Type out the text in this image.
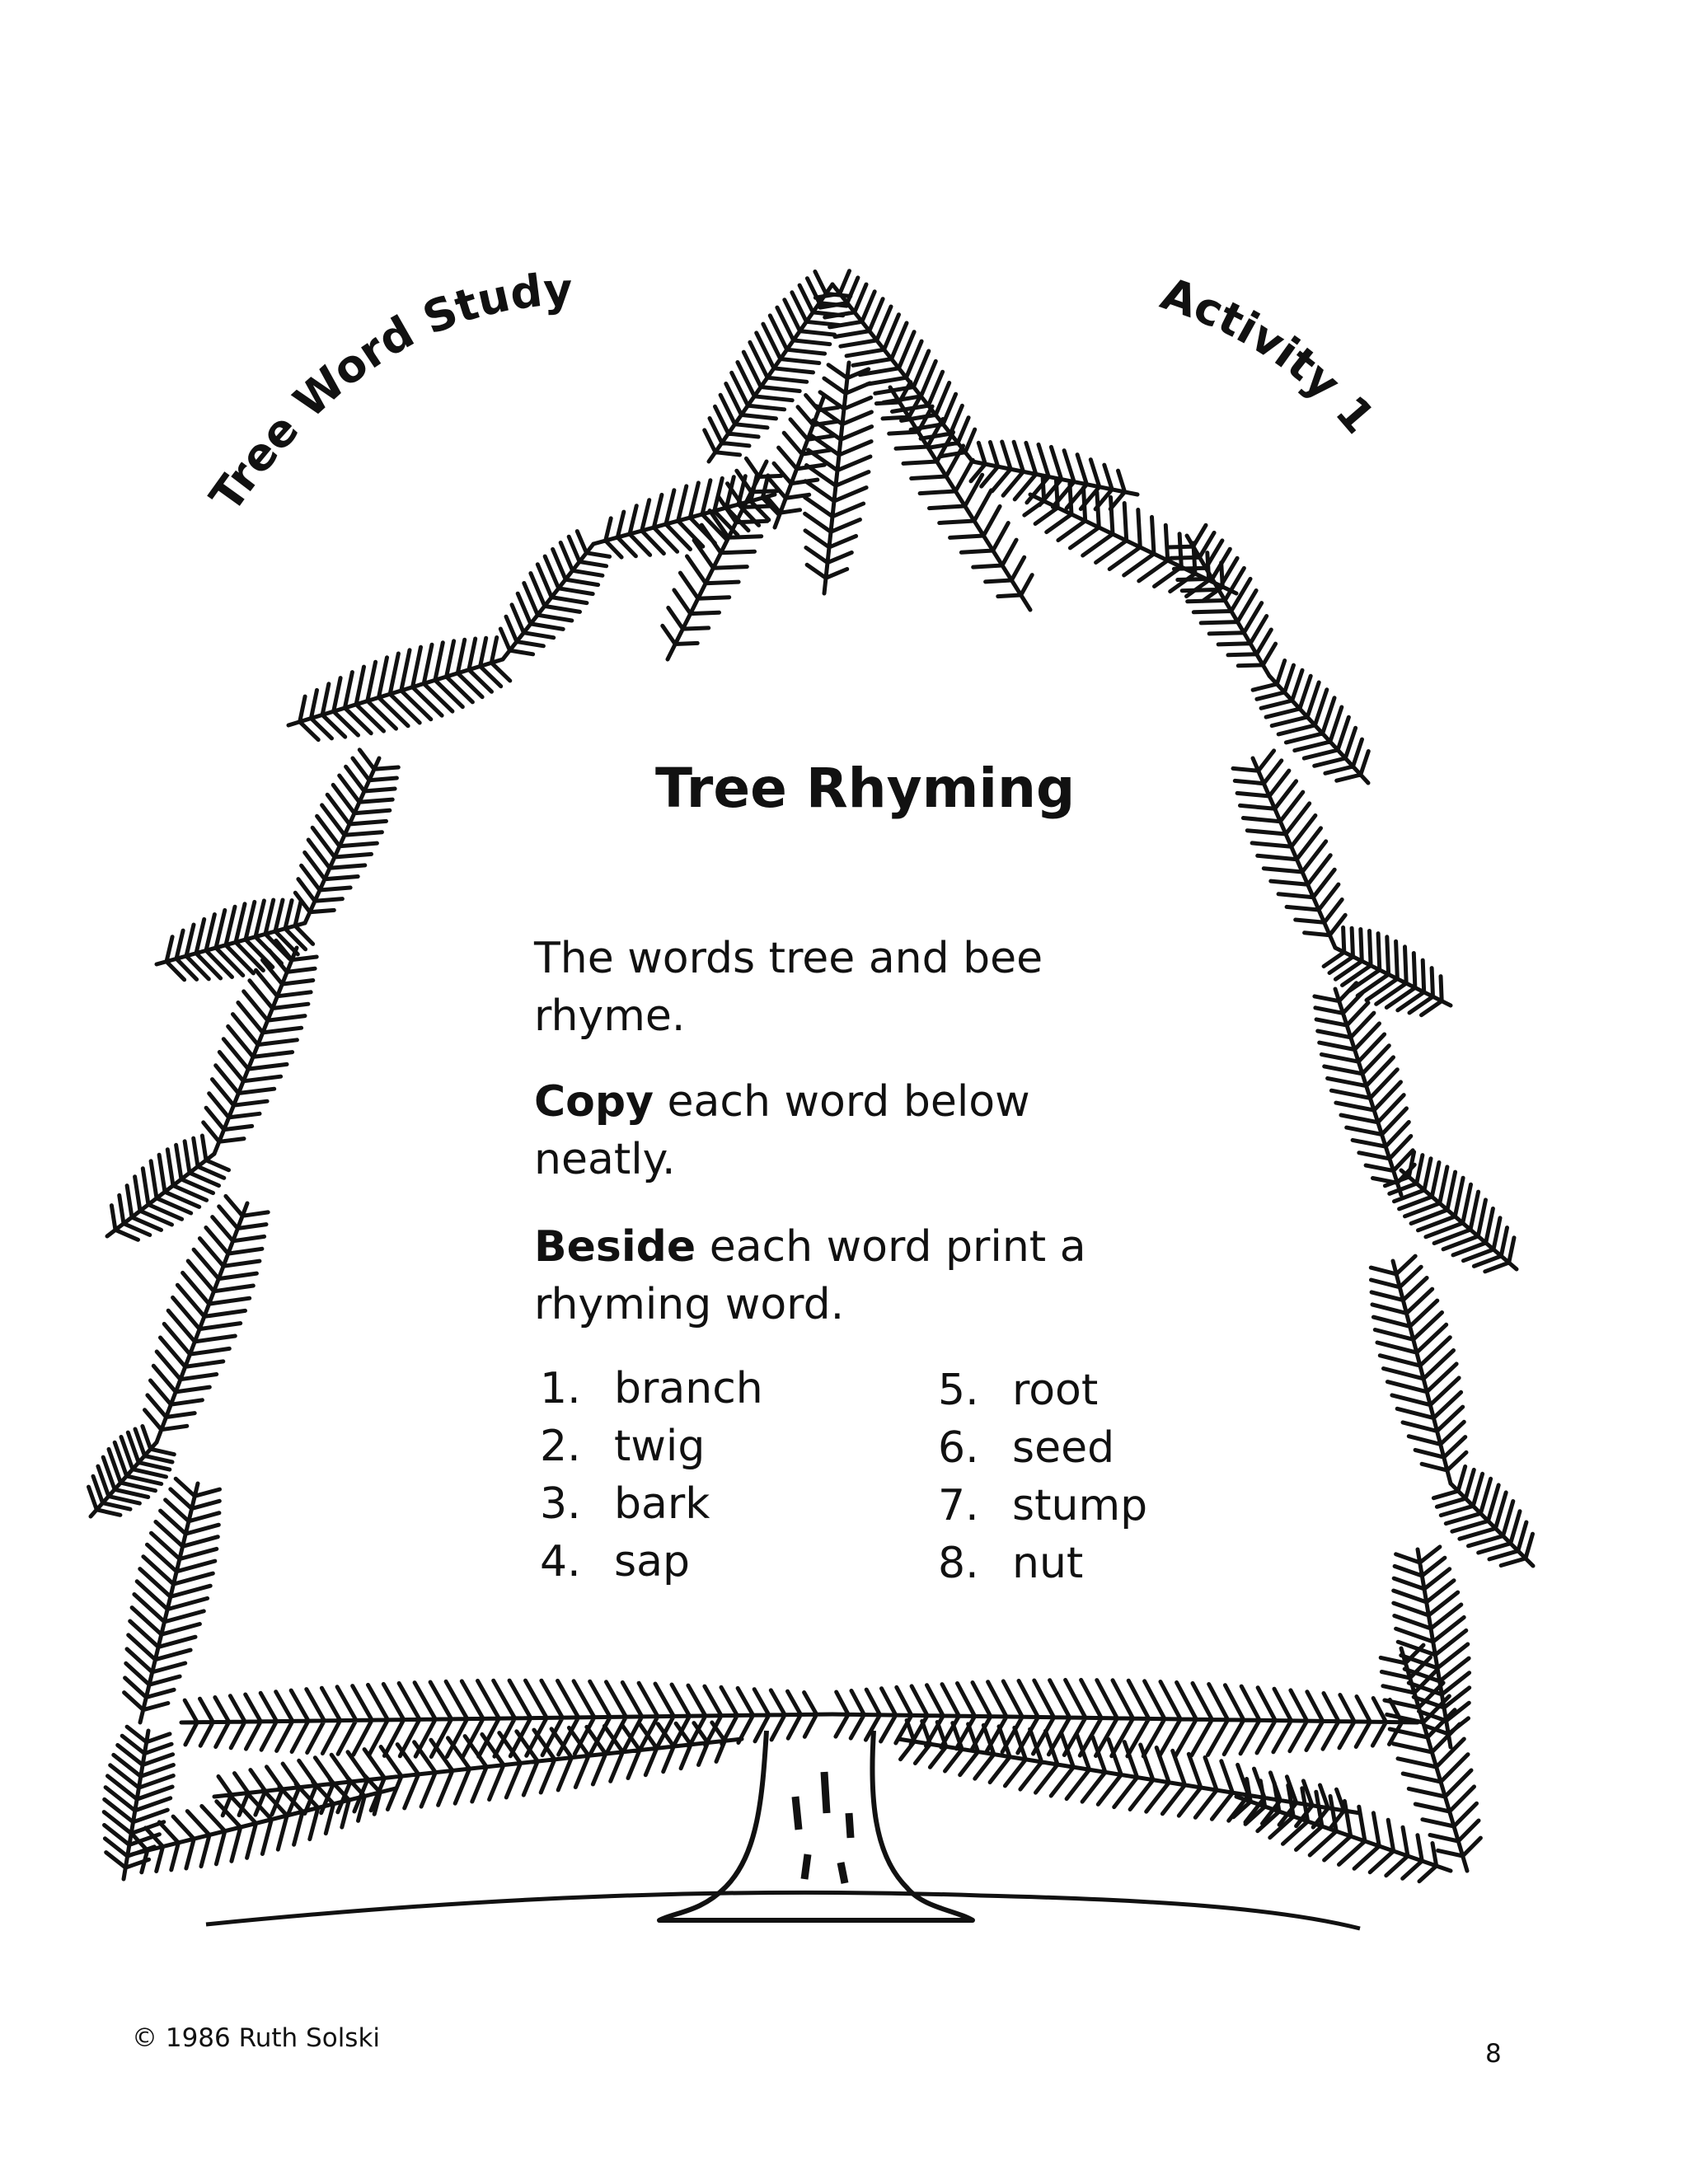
Tree Word Study	Activity 1
Tree Rhyming

The words tree and bee rhyme.

Copy each word below neatly.

Beside each word print a rhyming word.

1. branch
2. twig
3. bark
4. sap
5. root
6. seed
7. stump
8. nut
© 1986 Ruth Solski
8
